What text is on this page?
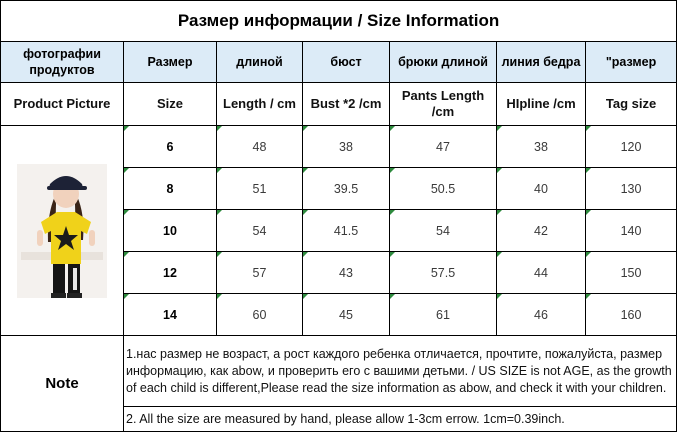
Размер информации / Size Information						
фотографии продуктов	Размер	длиной	бюст	брюки длиной	линия бедра	"размер
Product Picture	Size	Length / cm	Bust *2 /cm	Pants Length /cm	HIpline /cm	Tag size

6	48	38	47	38	120

8	51	39.5	50.5	40	130

10	54	41.5	54	42	140

12	57	43	57.5	44	150

14	60	45	61	46	160
Note	1.нас размер не возраст, а рост каждого ребенка отличается, прочтите, пожалуйста, размер информацию, как abow, и проверить его с вашими детьми. / US SIZE is not AGE, as the growth of each child is different,Please read the size information as abow, and check it with your children.					
	2. All the size are measured by hand, please allow 1-3cm errow. 1cm=0.39inch.					
